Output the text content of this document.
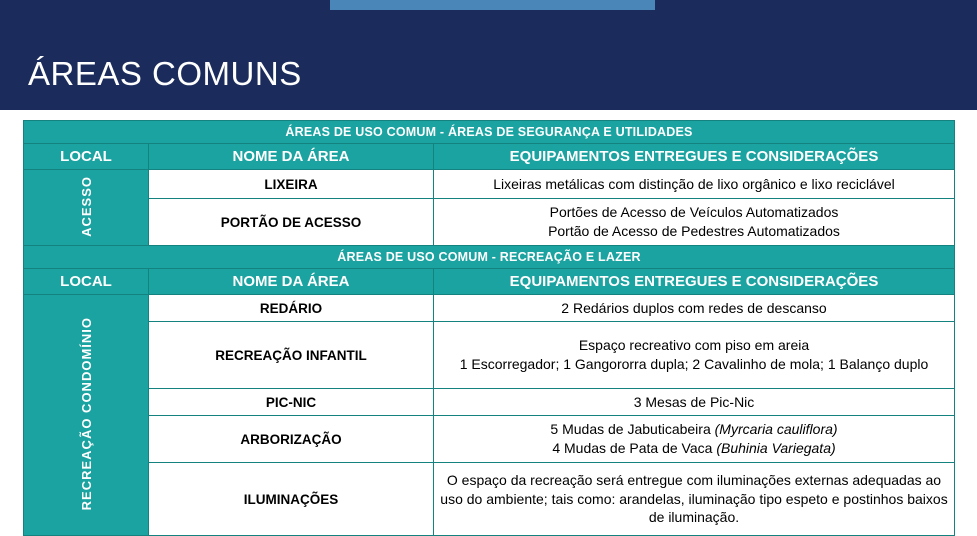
ÁREAS COMUNS
ÁREAS DE USO COMUM - ÁREAS DE SEGURANÇA E UTILIDADES		
LOCAL	NOME DA ÁREA	EQUIPAMENTOS ENTREGUES E CONSIDERAÇÕES
ACESSO	LIXEIRA	Lixeiras metálicas com distinção de lixo orgânico e lixo reciclável
	PORTÃO DE ACESSO	Portões de Acesso de Veículos Automatizados
Portão de Acesso de Pedestres Automatizados

ÁREAS DE USO COMUM - RECREAÇÃO E LAZER		
LOCAL	NOME DA ÁREA	EQUIPAMENTOS ENTREGUES E CONSIDERAÇÕES
RECREAÇÃO CONDOMÍNIO	REDÁRIO	2 Redários duplos com redes de descanso
	RECREAÇÃO INFANTIL	Espaço recreativo com piso em areia
1 Escorregador; 1 Gangororra dupla; 2 Cavalinho de mola; 1 Balanço duplo

	PIC-NIC	3 Mesas de Pic-Nic
	ARBORIZAÇÃO	5 Mudas de Jabuticabeira (Myrcaria cauliflora)
4 Mudas de Pata de Vaca (Buhinia Variegata)

	ILUMINAÇÕES	O espaço da recreação será entregue com iluminações externas adequadas ao uso do ambiente; tais como: arandelas, iluminação tipo espeto e postinhos baixos de iluminação.
